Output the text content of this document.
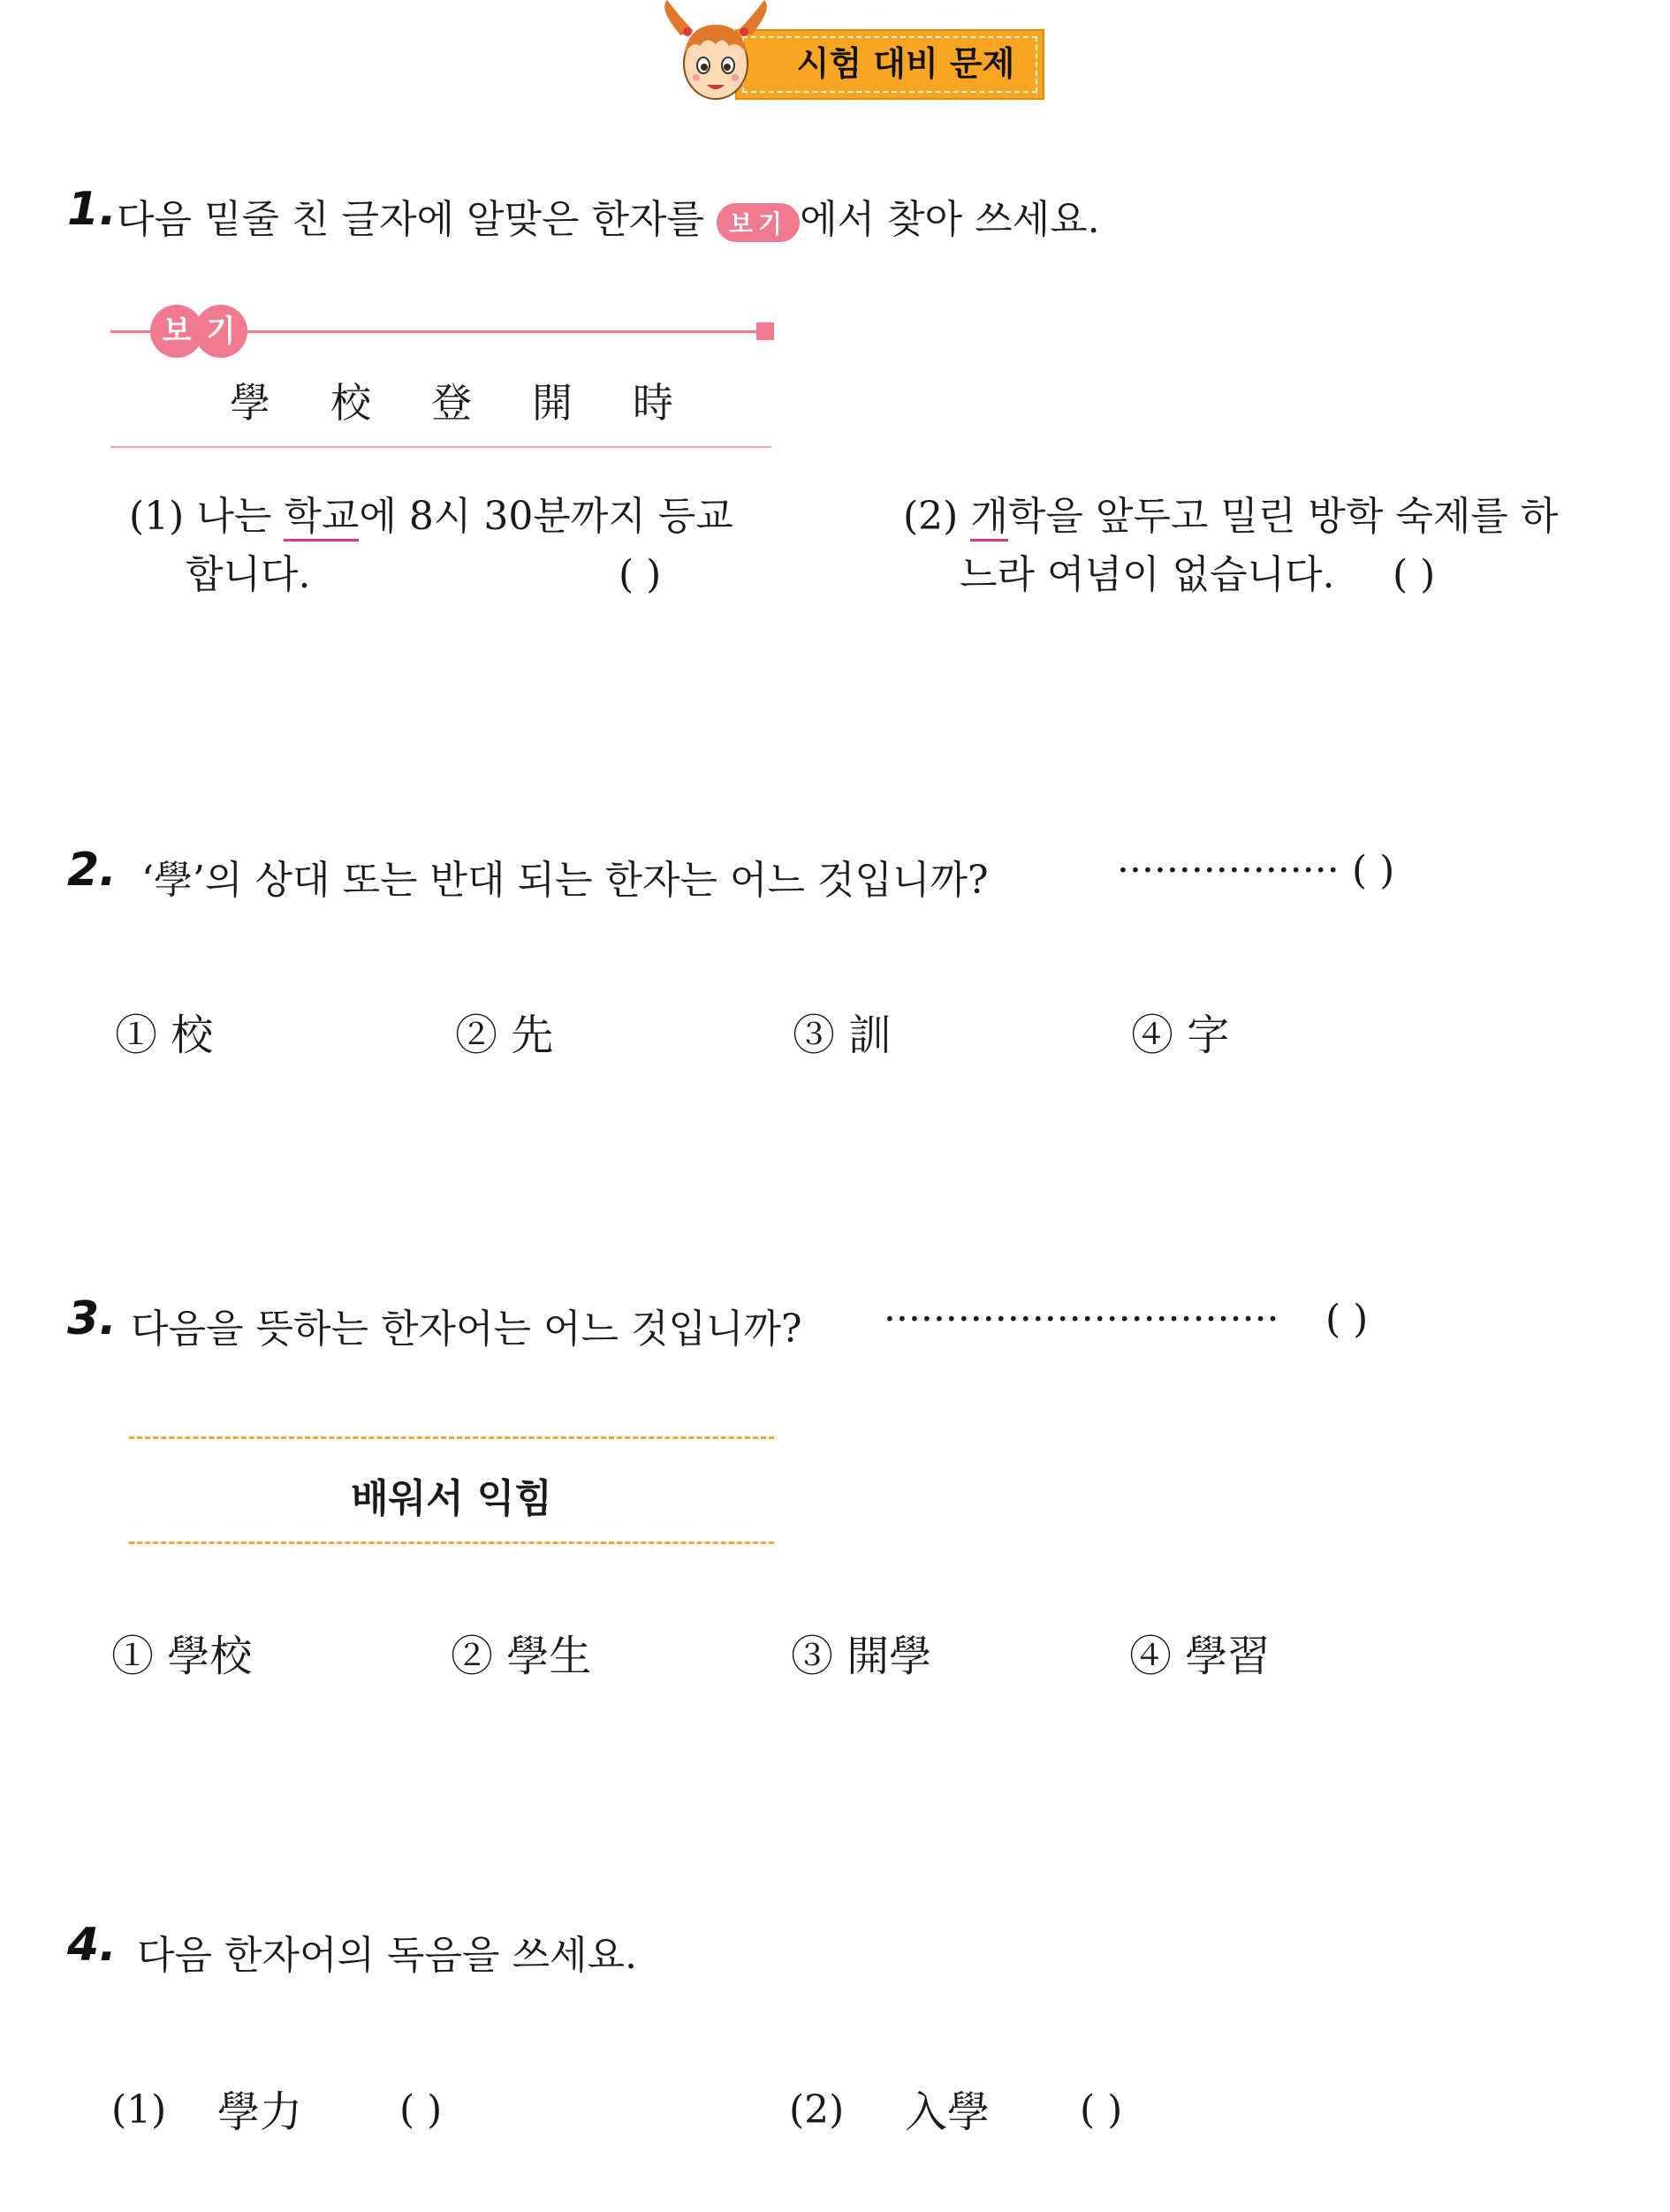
시험 대비 문제
1. 다음 밑줄 친 글자에 알맞은 한자를 보기 에서 찾아 쓰세요.
보 기
學 校 登 開 時
(1) 나는 학교에 8시 30분까지 등교
합니다.	( )
(2) 개학을 앞두고 밀린 방학 숙제를 하
느라 여념이 없습니다. ( )
2. ‘學’의 상대 또는 반대 되는 한자는 어느 것입니까?	·················· ( )
① 校	② 先	③ 訓	④ 字
3. 다음을 뜻하는 한자어는 어느 것입니까? ································ ( )
배워서 익힘
① 學校	② 學生	③ 開學	④ 學習
4. 다음 한자어의 독음을 쓰세요.
(1) 學力 ( )	(2) 入學 ( )
